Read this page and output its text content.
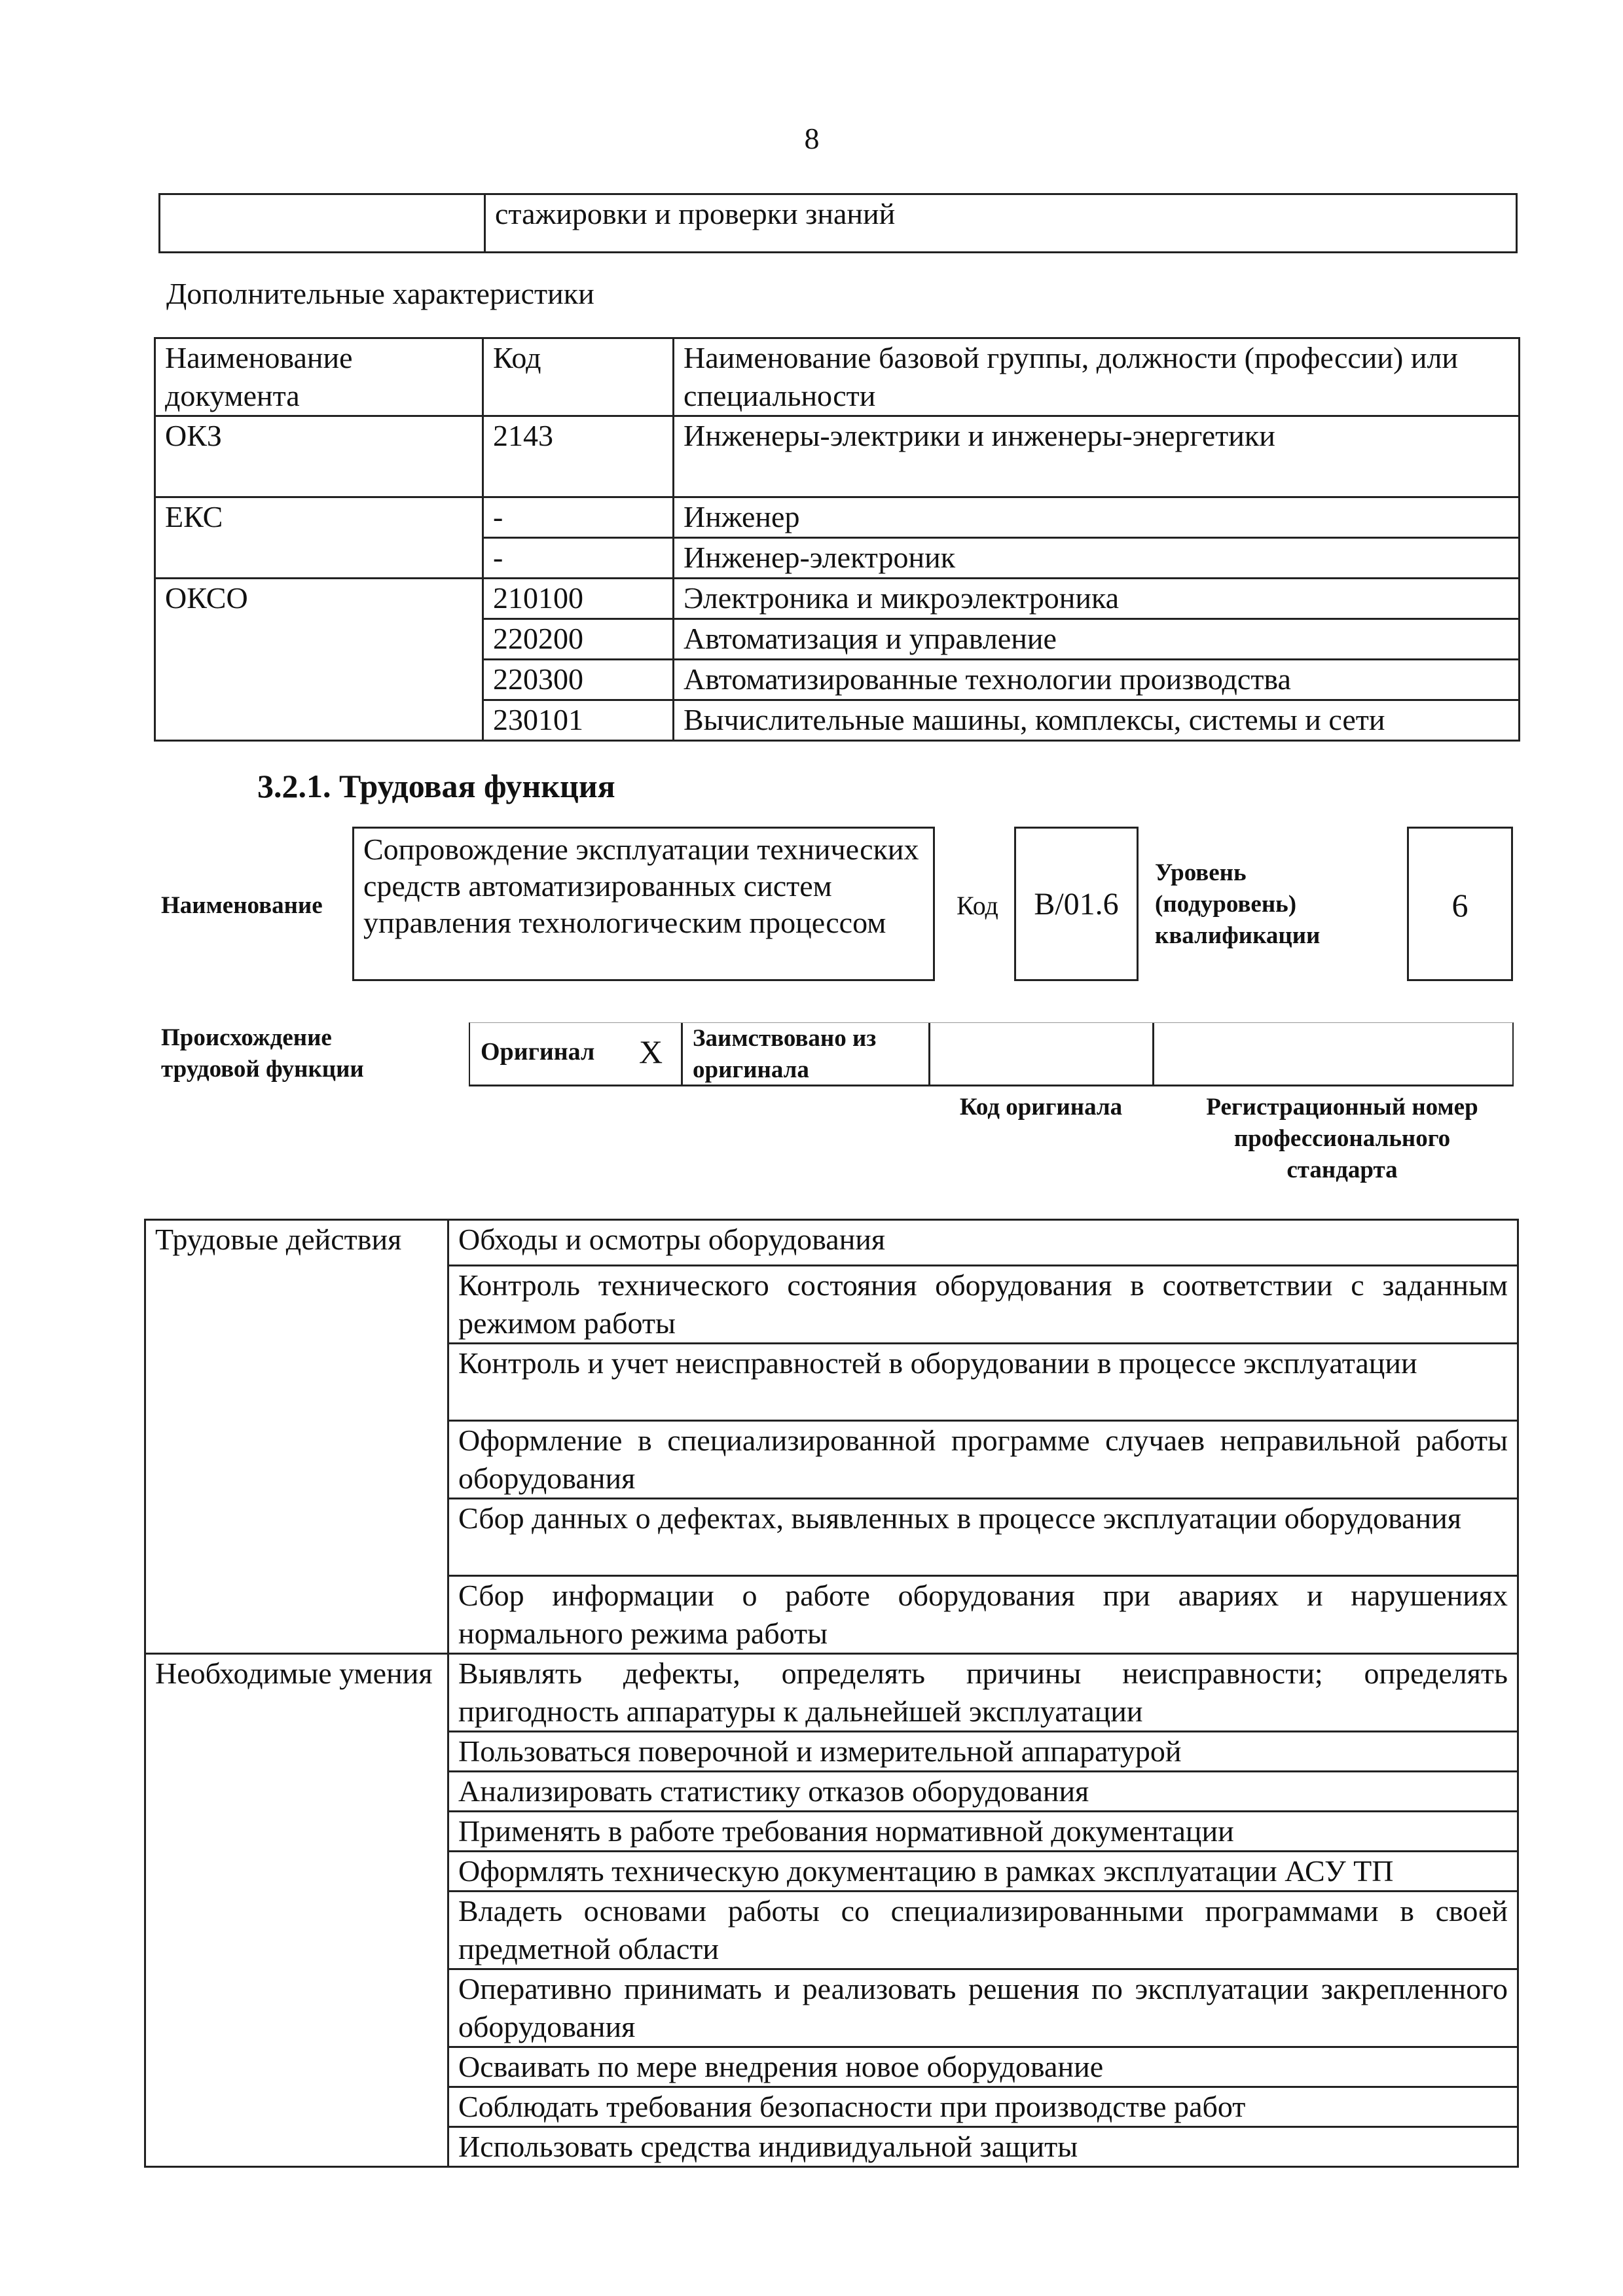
8
	стажировки и проверки знаний
Дополнительные характеристики
Наименование документа	Код	Наименование базовой группы, должности (профессии) или специальности
ОКЗ	2143	Инженеры-электрики и инженеры-энергетики
ЕКС	-	Инженер
	-	Инженер-электроник
ОКСО	210100	Электроника и микроэлектроника
	220200	Автоматизация и управление
	220300	Автоматизированные технологии производства
	230101	Вычислительные машины, комплексы, системы и сети
3.2.1. Трудовая функция
Наименование
Сопровождение эксплуатации технических средств автоматизированных систем управления технологическим процессом
Код	В/01.6
Уровень (подуровень) квалификации
6
Происхождение трудовой функции
Оригинал X Заимствовано из оригинала
Код оригинала	Регистрационный номер профессионального стандарта
Трудовые действия	Обходы и осмотры оборудования
	Контроль технического состояния оборудования в соответствии с заданным режимом работы
	Контроль и учет неисправностей в оборудовании в процессе эксплуатации
	Оформление в специализированной программе случаев неправильной работы оборудования
	Сбор данных о дефектах, выявленных в процессе эксплуатации оборудования
	Сбор информации о работе оборудования при авариях и нарушениях нормального режима работы
Необходимые умения	Выявлять дефекты, определять причины неисправности; определять пригодность аппаратуры к дальнейшей эксплуатации
	Пользоваться поверочной и измерительной аппаратурой
	Анализировать статистику отказов оборудования
	Применять в работе требования нормативной документации
	Оформлять техническую документацию в рамках эксплуатации АСУ ТП
	Владеть основами работы со специализированными программами в своей предметной области
	Оперативно принимать и реализовать решения по эксплуатации закрепленного оборудования
	Осваивать по мере внедрения новое оборудование
	Соблюдать требования безопасности при производстве работ
	Использовать средства индивидуальной защиты
